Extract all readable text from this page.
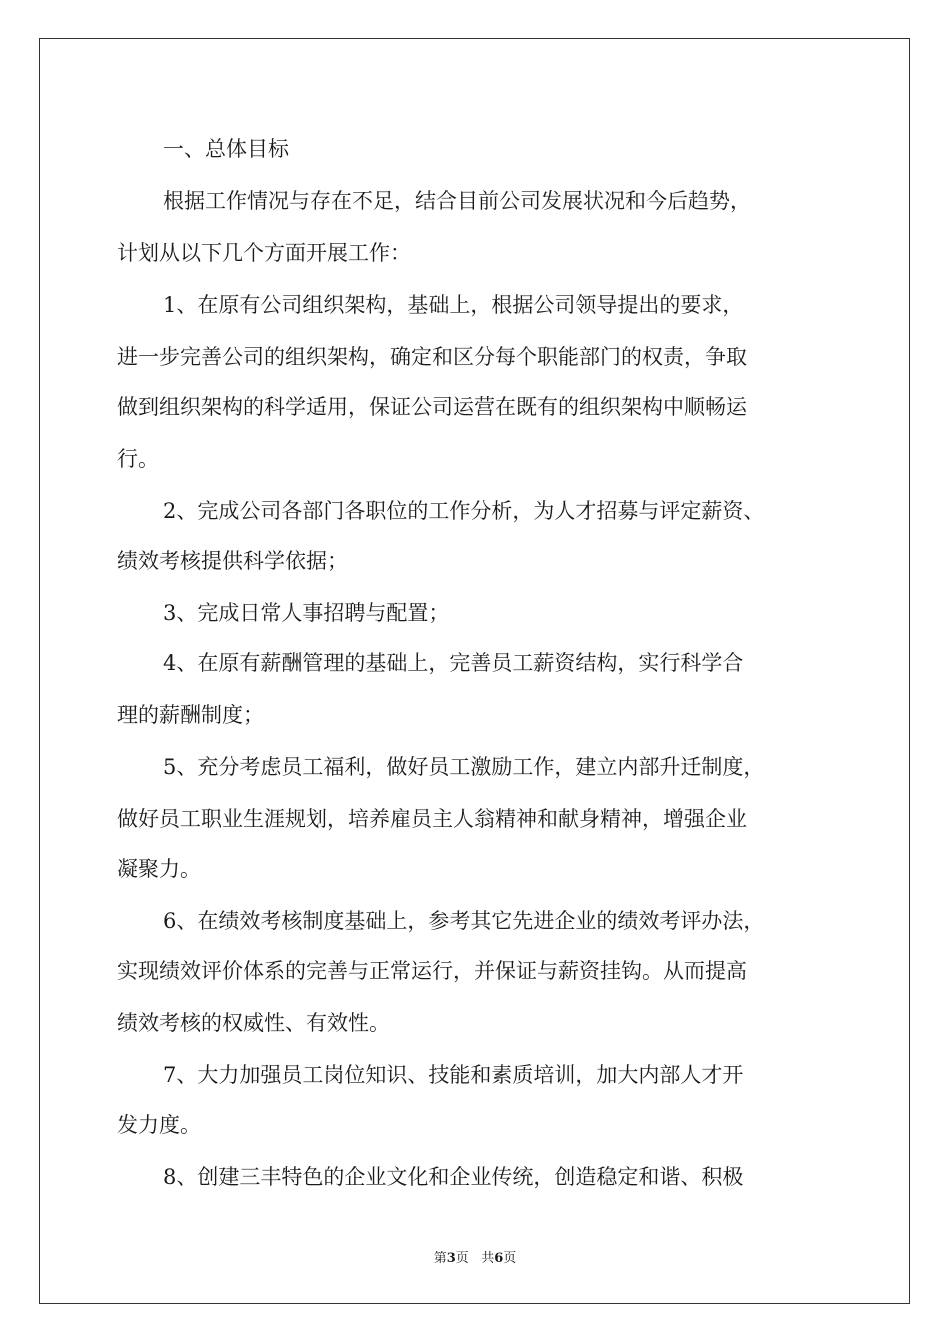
一、总体目标
根据工作情况与存在不足，结合目前公司发展状况和今后趋势，
计划从以下几个方面开展工作：
1、在原有公司组织架构，基础上，根据公司领导提出的要求，
进一步完善公司的组织架构，确定和区分每个职能部门的权责，争取
做到组织架构的科学适用，保证公司运营在既有的组织架构中顺畅运
行。
2、完成公司各部门各职位的工作分析，为人才招募与评定薪资、
绩效考核提供科学依据；
3、完成日常人事招聘与配置；
4、在原有薪酬管理的基础上，完善员工薪资结构，实行科学合
理的薪酬制度；
5、充分考虑员工福利，做好员工激励工作，建立内部升迁制度，
做好员工职业生涯规划，培养雇员主人翁精神和献身精神，增强企业
凝聚力。
6、在绩效考核制度基础上，参考其它先进企业的绩效考评办法，
实现绩效评价体系的完善与正常运行，并保证与薪资挂钩。从而提高
绩效考核的权威性、有效性。
7、大力加强员工岗位知识、技能和素质培训，加大内部人才开
发力度。
8、创建三丰特色的企业文化和企业传统，创造稳定和谐、积极
第3页 共6页
